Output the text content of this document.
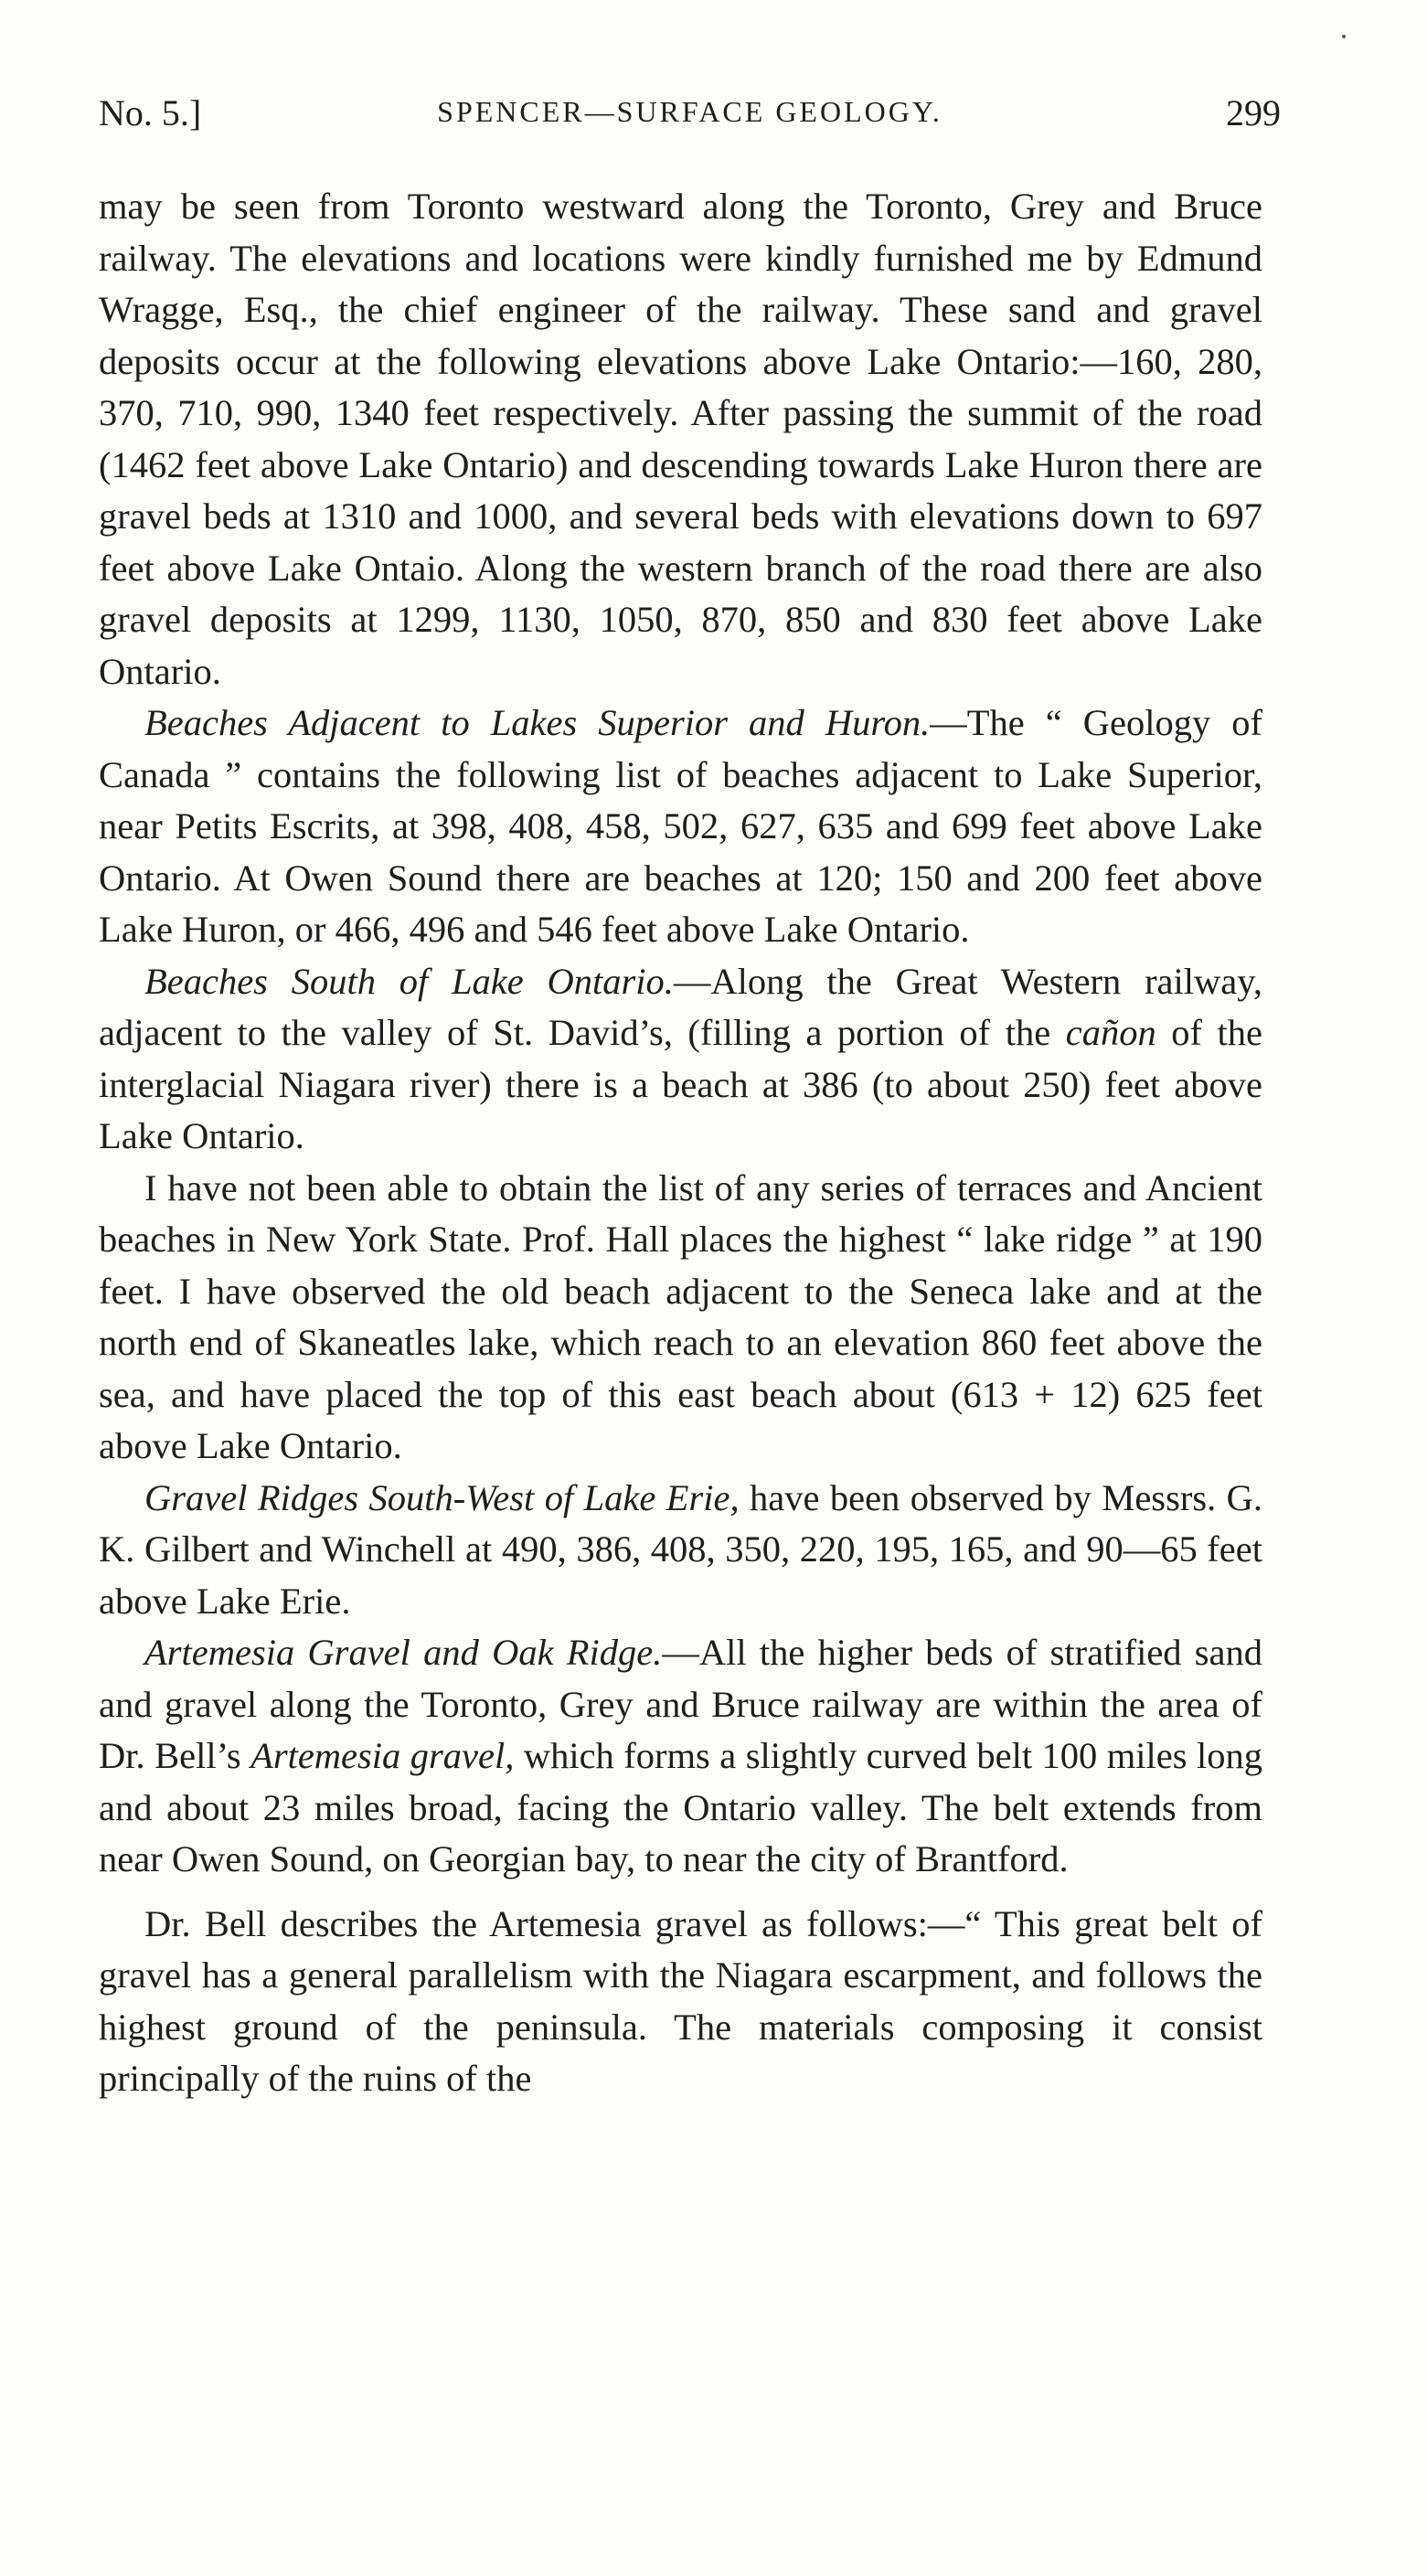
No. 5.]	SPENCER—SURFACE GEOLOGY.	299

may be seen from Toronto westward along the Toronto, Grey and Bruce railway. The elevations and locations were kindly furnished me by Edmund Wragge, Esq., the chief engineer of the railway. These sand and gravel deposits occur at the following elevations above Lake Ontario:—160, 280, 370, 710, 990, 1340 feet respectively. After passing the summit of the road (1462 feet above Lake Ontario) and descending towards Lake Huron there are gravel beds at 1310 and 1000, and several beds with elevations down to 697 feet above Lake Ontaio. Along the western branch of the road there are also gravel deposits at 1299, 1130, 1050, 870, 850 and 830 feet above Lake Ontario.

Beaches Adjacent to Lakes Superior and Huron.—The “ Geology of Canada ” contains the following list of beaches adjacent to Lake Superior, near Petits Escrits, at 398, 408, 458, 502, 627, 635 and 699 feet above Lake Ontario. At Owen Sound there are beaches at 120; 150 and 200 feet above Lake Huron, or 466, 496 and 546 feet above Lake Ontario.

Beaches South of Lake Ontario.—Along the Great Western railway, adjacent to the valley of St. David’s, (filling a portion of the cañon of the interglacial Niagara river) there is a beach at 386 (to about 250) feet above Lake Ontario.

I have not been able to obtain the list of any series of terraces and Ancient beaches in New York State. Prof. Hall places the highest “ lake ridge ” at 190 feet. I have observed the old beach adjacent to the Seneca lake and at the north end of Skaneatles lake, which reach to an elevation 860 feet above the sea, and have placed the top of this east beach about (613 + 12) 625 feet above Lake Ontario.

Gravel Ridges South-West of Lake Erie, have been observed by Messrs. G. K. Gilbert and Winchell at 490, 386, 408, 350, 220, 195, 165, and 90—65 feet above Lake Erie.

Artemesia Gravel and Oak Ridge.—All the higher beds of stratified sand and gravel along the Toronto, Grey and Bruce railway are within the area of Dr. Bell’s Artemesia gravel, which forms a slightly curved belt 100 miles long and about 23 miles broad, facing the Ontario valley. The belt extends from near Owen Sound, on Georgian bay, to near the city of Brantford.

Dr. Bell describes the Artemesia gravel as follows:—“ This great belt of gravel has a general parallelism with the Niagara escarpment, and follows the highest ground of the peninsula. The materials composing it consist principally of the ruins of the
